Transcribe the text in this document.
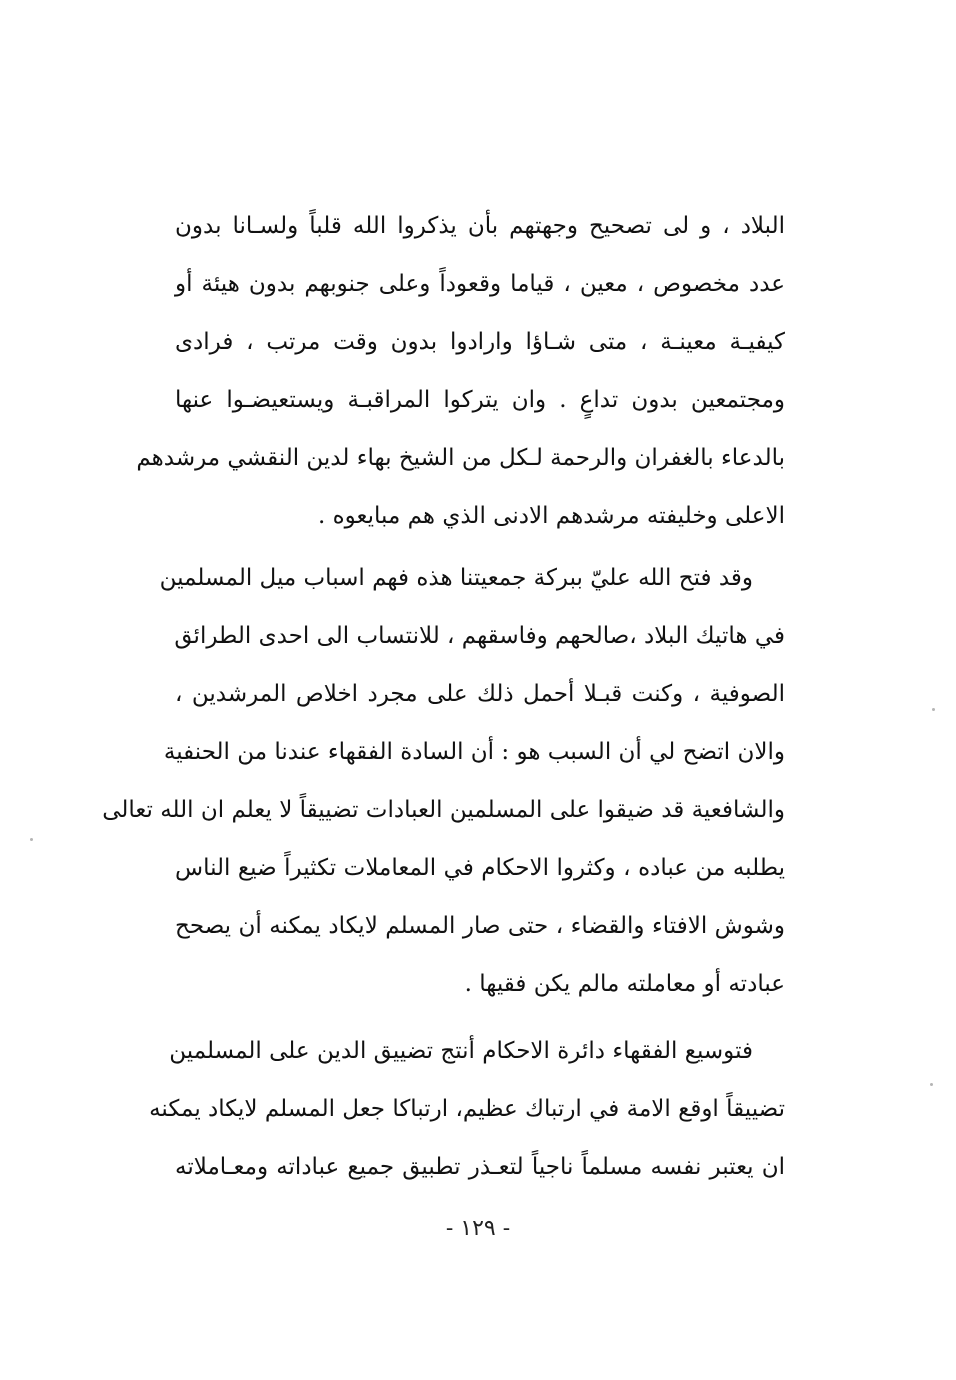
البلاد ، و لى تصحيح وجهتهم بأن يذكروا الله قلباً ولسـانا بدون
عدد مخصوص ، معين ، قياما وقعوداً وعلى جنوبهم بدون هيئة أو
كيفيـة معينـة ، متى شـاؤا وارادوا بدون وقت مرتب ، فرادى
ومجتمعين بدون تداعٍ . وان يتركوا المراقبـة ويستعيضـوا عنها
بالدعاء بالغفران والرحمة لـكل من الشيخ بهاء لدين النقشي مرشدهم
الاعلى وخليفته مرشدهم الادنى الذي هم مبايعوه .
وقد فتح الله عليّ ببركة جمعيتنا هذه فهم اسباب ميل المسلمين
في هاتيك البلاد ،صالحهم وفاسقهم ، للانتساب الى احدى الطرائق
الصوفية ، وكنت قبـلا أحمل ذلك على مجرد اخلاص المرشدين ،
والان اتضح لي أن السبب هو : أن السادة الفقهاء عندنا من الحنفية
والشافعية قد ضيقوا على المسلمين العبادات تضييقاً لا يعلم ان الله تعالى
يطلبه من عباده ، وكثروا الاحكام في المعاملات تكثيراً ضيع الناس
وشوش الافتاء والقضاء ، حتى صار المسلم لايكاد يمكنه أن يصحح
عبادته أو معاملته مالم يكن فقيها .
فتوسيع الفقهاء دائرة الاحكام أنتج تضييق الدين على المسلمين
تضييقاً اوقع الامة في ارتباك عظيم، ارتباكا جعل المسلم لايكاد يمكنه
ان يعتبر نفسه مسلماً ناجياً لتعـذر تطبيق جميع عباداته ومعـاملاته
- ١٢٩ -
